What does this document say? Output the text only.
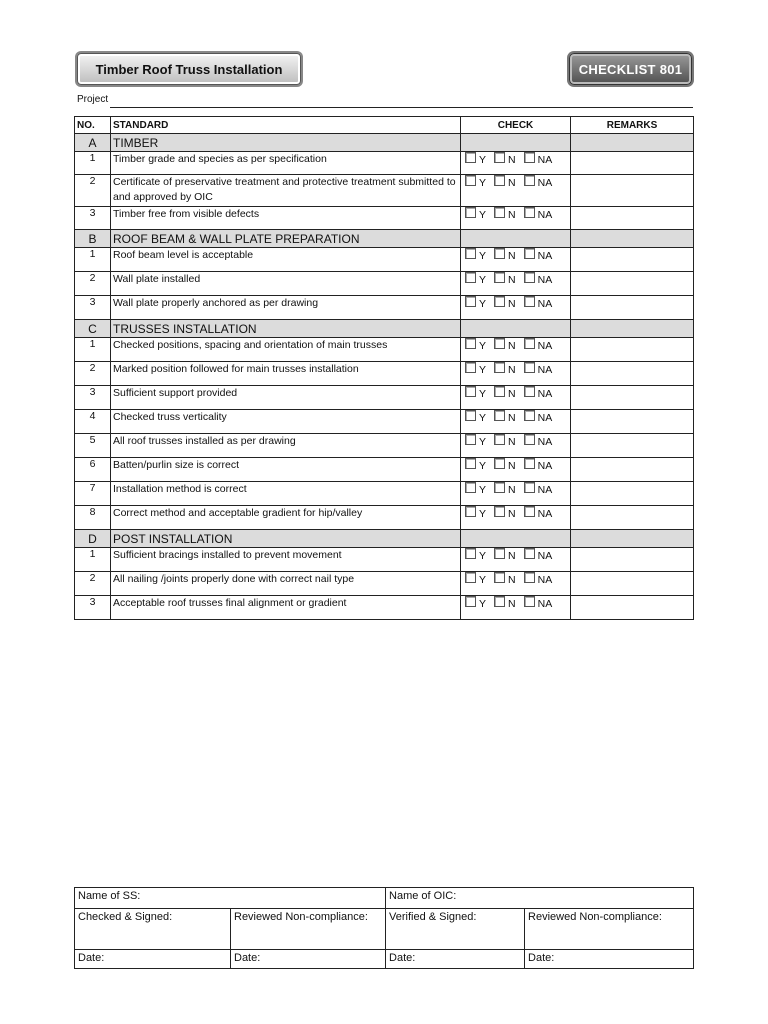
Timber Roof Truss Installation	CHECKLIST 801
Project
NO.	STANDARD	CHECK	REMARKS
A	TIMBER		
1	Timber grade and species as per specification	Y N NA	
2	Certificate of preservative treatment and protective treatment submitted to and approved by OIC	Y N NA	
3	Timber free from visible defects	Y N NA	
B	ROOF BEAM & WALL PLATE PREPARATION		
1	Roof beam level is acceptable	Y N NA	
2	Wall plate installed	Y N NA	
3	Wall plate properly anchored as per drawing	Y N NA	
C	TRUSSES INSTALLATION		
1	Checked positions, spacing and orientation of main trusses	Y N NA	
2	Marked position followed for main trusses installation	Y N NA	
3	Sufficient support provided	Y N NA	
4	Checked truss verticality	Y N NA	
5	All roof trusses installed as per drawing	Y N NA	
6	Batten/purlin size is correct	Y N NA	
7	Installation method is correct	Y N NA	
8	Correct method and acceptable gradient for hip/valley	Y N NA	
D	POST INSTALLATION		
1	Sufficient bracings installed to prevent movement	Y N NA	
2	All nailing /joints properly done with correct nail type	Y N NA	
3	Acceptable roof trusses final alignment or gradient	Y N NA	
Name of SS:		Name of OIC:	
Checked & Signed:	Reviewed Non-compliance:	Verified & Signed:	Reviewed Non-compliance:
Date:	Date:	Date:	Date:
